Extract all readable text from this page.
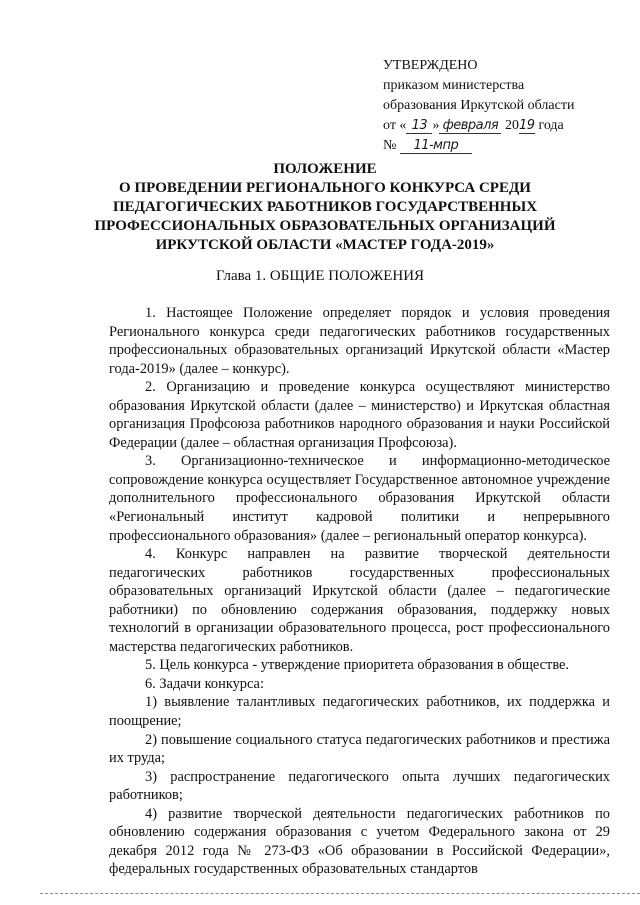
УТВЕРЖДЕНО
приказом министерства
образования Иркутской области
от « 13 » февраля 2019 года
№ 11-мпр
ПОЛОЖЕНИЕ
О ПРОВЕДЕНИИ РЕГИОНАЛЬНОГО КОНКУРСА СРЕДИ
ПЕДАГОГИЧЕСКИХ РАБОТНИКОВ ГОСУДАРСТВЕННЫХ
ПРОФЕССИОНАЛЬНЫХ ОБРАЗОВАТЕЛЬНЫХ ОРГАНИЗАЦИЙ
ИРКУТСКОЙ ОБЛАСТИ «МАСТЕР ГОДА-2019»
Глава 1. ОБЩИЕ ПОЛОЖЕНИЯ

1. Настоящее Положение определяет порядок и условия проведения Регионального конкурса среди педагогических работников государственных профессиональных образовательных организаций Иркутской области «Мастер года-2019» (далее – конкурс).

2. Организацию и проведение конкурса осуществляют министерство образования Иркутской области (далее – министерство) и Иркутская областная организация Профсоюза работников народного образования и науки Российской Федерации (далее – областная организация Профсоюза).

3. Организационно-техническое и информационно-методическое сопровождение конкурса осуществляет Государственное автономное учреждение дополнительного профессионального образования Иркутской области «Региональный институт кадровой политики и непрерывного профессионального образования» (далее – региональный оператор конкурса).

4. Конкурс направлен на развитие творческой деятельности педагогических работников государственных профессиональных образовательных организаций Иркутской области (далее – педагогические работники) по обновлению содержания образования, поддержку новых технологий в организации образовательного процесса, рост профессионального мастерства педагогических работников.

5. Цель конкурса - утверждение приоритета образования в обществе.

6. Задачи конкурса:

1) выявление талантливых педагогических работников, их поддержка и поощрение;

2) повышение социального статуса педагогических работников и престижа их труда;

3) распространение педагогического опыта лучших педагогических работников;

4) развитие творческой деятельности педагогических работников по обновлению содержания образования с учетом Федерального закона от 29 декабря 2012 года № 273-ФЗ «Об образовании в Российской Федерации», федеральных государственных образовательных стандартов
